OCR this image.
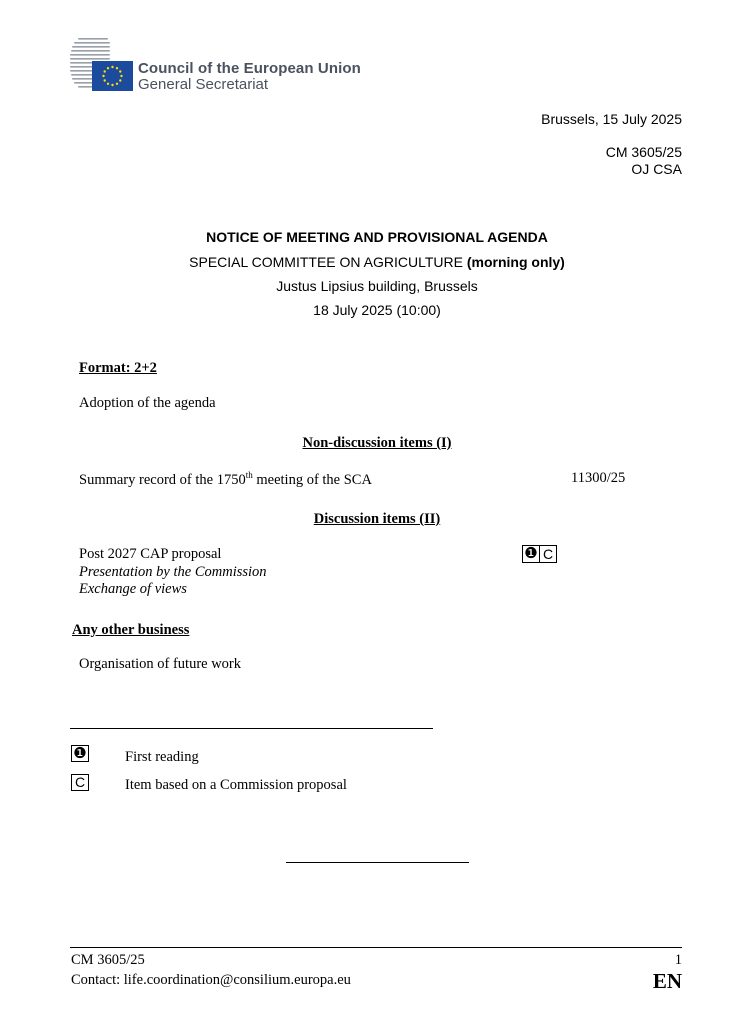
Council of the European Union
General Secretariat
Brussels, 15 July 2025
CM 3605/25
OJ CSA
NOTICE OF MEETING AND PROVISIONAL AGENDA
SPECIAL COMMITTEE ON AGRICULTURE (morning only)
Justus Lipsius building, Brussels
18 July 2025 (10:00)
Format: 2+2
Adoption of the agenda
Non-discussion items (I)
Summary record of the 1750th meeting of the SCA	11300/25
Discussion items (II)
Post 2027 CAP proposal
Presentation by the Commission
Exchange of views
❶ C
Any other business
Organisation of future work
❶	First reading
C	Item based on a Commission proposal
CM 3605/25	1
Contact: life.coordination@consilium.europa.eu	EN
